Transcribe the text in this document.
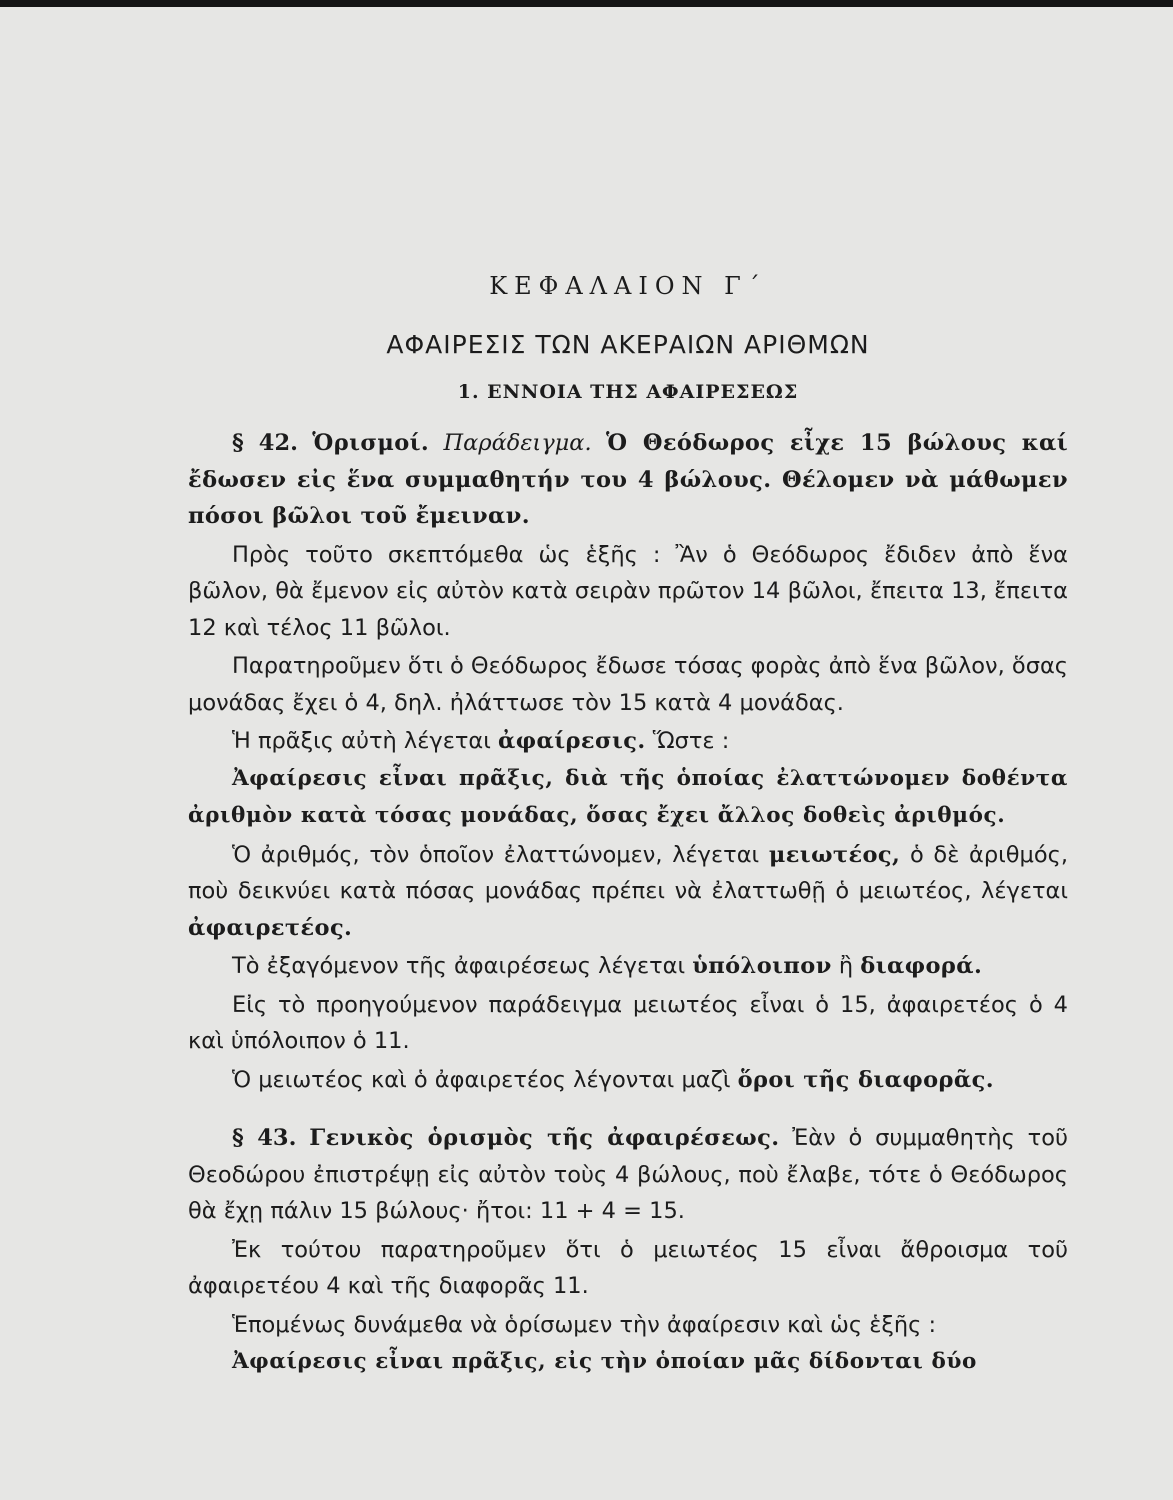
ΚΕΦΑΛΑΙΟΝ Γ΄
ΑΦΑΙΡΕΣΙΣ ΤΩΝ ΑΚΕΡΑΙΩΝ ΑΡΙΘΜΩΝ
1. ΕΝΝΟΙΑ ΤΗΣ ΑΦΑΙΡΕΣΕΩΣ

§ 42. Ὁρισμοί. Παράδειγμα. Ὁ Θεόδωρος εἶχε 15 βώλους καί ἔδωσεν εἰς ἕνα συμμαθητήν του 4 βώλους. Θέλομεν νὰ μάθωμεν πόσοι βῶλοι τοῦ ἔμειναν.

Πρὸς τοῦτο σκεπτόμεθα ὡς ἑξῆς : Ἂν ὁ Θεόδωρος ἔδιδεν ἀπὸ ἕνα βῶλον, θὰ ἔμενον εἰς αὐτὸν κατὰ σειρὰν πρῶτον 14 βῶλοι, ἔπειτα 13, ἔπειτα 12 καὶ τέλος 11 βῶλοι.

Παρατηροῦμεν ὅτι ὁ Θεόδωρος ἔδωσε τόσας φορὰς ἀπὸ ἕνα βῶλον, ὅσας μονάδας ἔχει ὁ 4, δηλ. ἠλάττωσε τὸν 15 κατὰ 4 μονάδας.

Ἡ πρᾶξις αὐτὴ λέγεται ἀφαίρεσις. Ὥστε :

Ἀφαίρεσις εἶναι πρᾶξις, διὰ τῆς ὁποίας ἐλαττώνομεν δοθέντα ἀριθμὸν κατὰ τόσας μονάδας, ὅσας ἔχει ἄλλος δοθεὶς ἀριθμός.

Ὁ ἀριθμός, τὸν ὁποῖον ἐλαττώνομεν, λέγεται μειωτέος, ὁ δὲ ἀριθμός, ποὺ δεικνύει κατὰ πόσας μονάδας πρέπει νὰ ἐλαττωθῇ ὁ μειωτέος, λέγεται ἀφαιρετέος.

Τὸ ἐξαγόμενον τῆς ἀφαιρέσεως λέγεται ὑπόλοιπον ἢ διαφορά.

Εἰς τὸ προηγούμενον παράδειγμα μειωτέος εἶναι ὁ 15, ἀφαιρετέος ὁ 4 καὶ ὑπόλοιπον ὁ 11.

Ὁ μειωτέος καὶ ὁ ἀφαιρετέος λέγονται μαζὶ ὅροι τῆς διαφορᾶς.

§ 43. Γενικὸς ὁρισμὸς τῆς ἀφαιρέσεως. Ἐὰν ὁ συμμαθητὴς τοῦ Θεοδώρου ἐπιστρέψῃ εἰς αὐτὸν τοὺς 4 βώλους, ποὺ ἔλαβε, τότε ὁ Θεόδωρος θὰ ἔχῃ πάλιν 15 βώλους· ἤτοι: 11 + 4 = 15.

Ἐκ τούτου παρατηροῦμεν ὅτι ὁ μειωτέος 15 εἶναι ἄθροισμα τοῦ ἀφαιρετέου 4 καὶ τῆς διαφορᾶς 11.

Ἑπομένως δυνάμεθα νὰ ὁρίσωμεν τὴν ἀφαίρεσιν καὶ ὡς ἑξῆς :

Ἀφαίρεσις εἶναι πρᾶξις, εἰς τὴν ὁποίαν μᾶς δίδονται δύο
